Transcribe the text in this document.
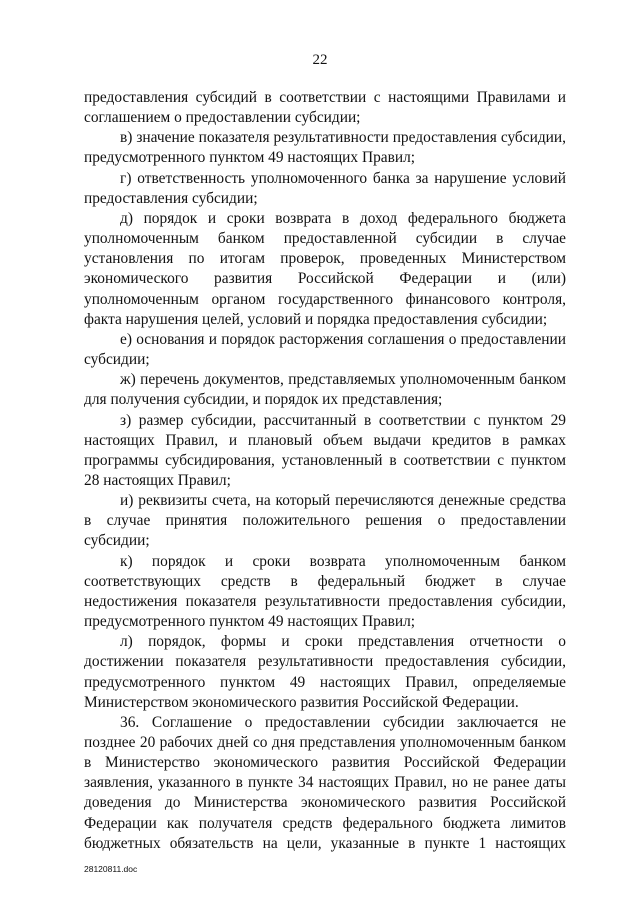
22

предоставления субсидий в соответствии с настоящими Правилами и соглашением о предоставлении субсидии;

в) значение показателя результативности предоставления субсидии, предусмотренного пунктом 49 настоящих Правил;

г) ответственность уполномоченного банка за нарушение условий предоставления субсидии;

д) порядок и сроки возврата в доход федерального бюджета уполномоченным банком предоставленной субсидии в случае установления по итогам проверок, проведенных Министерством экономического развития Российской Федерации и (или) уполномоченным органом государственного финансового контроля, факта нарушения целей, условий и порядка предоставления субсидии;

е) основания и порядок расторжения соглашения о предоставлении субсидии;

ж) перечень документов, представляемых уполномоченным банком для получения субсидии, и порядок их представления;

з) размер субсидии, рассчитанный в соответствии с пунктом 29 настоящих Правил, и плановый объем выдачи кредитов в рамках программы субсидирования, установленный в соответствии с пунктом 28 настоящих Правил;

и) реквизиты счета, на который перечисляются денежные средства в случае принятия положительного решения о предоставлении субсидии;

к) порядок и сроки возврата уполномоченным банком соответствующих средств в федеральный бюджет в случае недостижения показателя результативности предоставления субсидии, предусмотренного пунктом 49 настоящих Правил;

л) порядок, формы и сроки представления отчетности о достижении показателя результативности предоставления субсидии, предусмотренного пунктом 49 настоящих Правил, определяемые Министерством экономического развития Российской Федерации.

36. Соглашение о предоставлении субсидии заключается не позднее 20 рабочих дней со дня представления уполномоченным банком в Министерство экономического развития Российской Федерации заявления, указанного в пункте 34 настоящих Правил, но не ранее даты доведения до Министерства экономического развития Российской Федерации как получателя средств федерального бюджета лимитов бюджетных обязательств на цели, указанные в пункте 1 настоящих

28120811.doc
